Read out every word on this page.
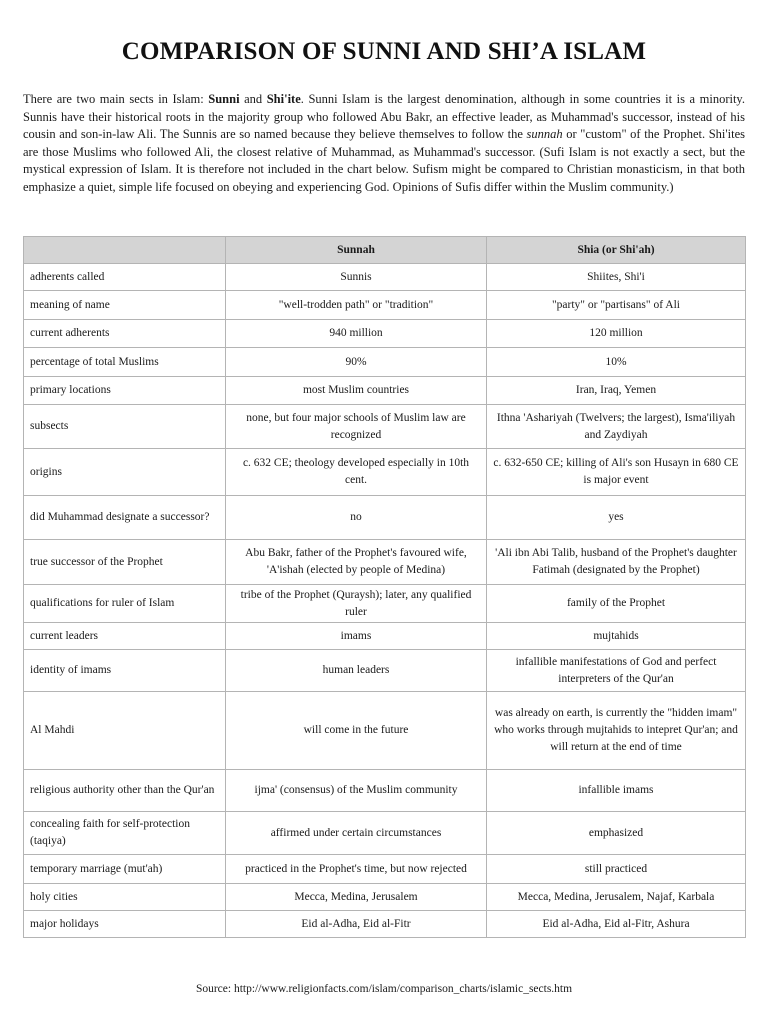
COMPARISON OF SUNNI AND SHI’A ISLAM
There are two main sects in Islam: Sunni and Shi'ite. Sunni Islam is the largest denomination, although in some countries it is a minority. Sunnis have their historical roots in the majority group who followed Abu Bakr, an effective leader, as Muhammad's successor, instead of his cousin and son-in-law Ali. The Sunnis are so named because they believe themselves to follow the sunnah or "custom" of the Prophet. Shi'ites are those Muslims who followed Ali, the closest relative of Muhammad, as Muhammad's successor. (Sufi Islam is not exactly a sect, but the mystical expression of Islam. It is therefore not included in the chart below. Sufism might be compared to Christian monasticism, in that both emphasize a quiet, simple life focused on obeying and experiencing God. Opinions of Sufis differ within the Muslim community.)
	Sunnah	Shia (or Shi'ah)
adherents called	Sunnis	Shiites, Shi'i
meaning of name	"well-trodden path" or "tradition"	"party" or "partisans" of Ali
current adherents	940 million	120 million
percentage of total Muslims	90%	10%
primary locations	most Muslim countries	Iran, Iraq, Yemen
subsects	none, but four major schools of Muslim law are recognized	Ithna 'Ashariyah (Twelvers; the largest), Isma'iliyah and Zaydiyah
origins	c. 632 CE; theology developed especially in 10th cent.	c. 632-650 CE; killing of Ali's son Husayn in 680 CE is major event
did Muhammad designate a successor?	no	yes
true successor of the Prophet	Abu Bakr, father of the Prophet's favoured wife, 'A'ishah (elected by people of Medina)	'Ali ibn Abi Talib, husband of the Prophet's daughter Fatimah (designated by the Prophet)
qualifications for ruler of Islam	tribe of the Prophet (Quraysh); later, any qualified ruler	family of the Prophet
current leaders	imams	mujtahids
identity of imams	human leaders	infallible manifestations of God and perfect interpreters of the Qur'an
Al Mahdi	will come in the future	was already on earth, is currently the "hidden imam" who works through mujtahids to intepret Qur'an; and will return at the end of time
religious authority other than the Qur'an	ijma' (consensus) of the Muslim community	infallible imams
concealing faith for self-protection (taqiya)	affirmed under certain circumstances	emphasized
temporary marriage (mut'ah)	practiced in the Prophet's time, but now rejected	still practiced
holy cities	Mecca, Medina, Jerusalem	Mecca, Medina, Jerusalem, Najaf, Karbala
major holidays	Eid al-Adha, Eid al-Fitr	Eid al-Adha, Eid al-Fitr, Ashura
Source: http://www.religionfacts.com/islam/comparison_charts/islamic_sects.htm
